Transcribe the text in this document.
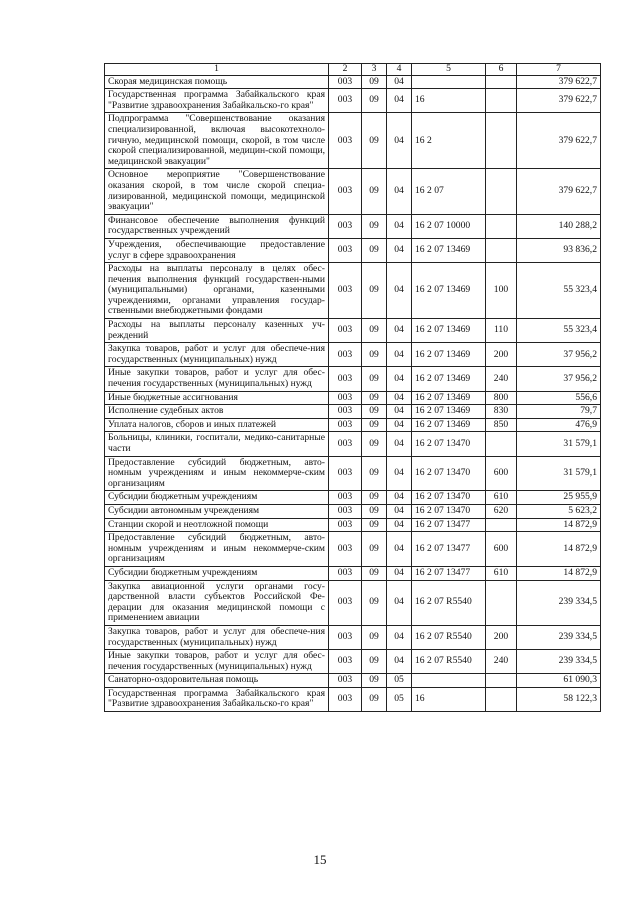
1	2	3	4	5	6	7
Скорая медицинская помощь	003	09	04			379 622,7
Государственная программа Забайкальского края "Развитие здравоохранения Забайкальско-го края"	003	09	04	16		379 622,7
Подпрограмма "Совершенствование оказания специализированной, включая высокотехноло-гичную, медицинской помощи, скорой, в том числе скорой специализированной, медицин-ской помощи, медицинской эвакуации"	003	09	04	16 2		379 622,7
Основное мероприятие "Совершенствование оказания скорой, в том числе скорой специа-лизированной, медицинской помощи, медицинской эвакуации"	003	09	04	16 2 07		379 622,7
Финансовое обеспечение выполнения функций государственных учреждений	003	09	04	16 2 07 10000		140 288,2
Учреждения, обеспечивающие предоставление услуг в сфере здравоохранения	003	09	04	16 2 07 13469		93 836,2
Расходы на выплаты персоналу в целях обес-печения выполнения функций государствен-ными (муниципальными) органами, казенными учреждениями, органами управления государ-ственными внебюджетными фондами	003	09	04	16 2 07 13469	100	55 323,4
Расходы на выплаты персоналу казенных уч-реждений	003	09	04	16 2 07 13469	110	55 323,4
Закупка товаров, работ и услуг для обеспече-ния государственных (муниципальных) нужд	003	09	04	16 2 07 13469	200	37 956,2
Иные закупки товаров, работ и услуг для обес-печения государственных (муниципальных) нужд	003	09	04	16 2 07 13469	240	37 956,2
Иные бюджетные ассигнования	003	09	04	16 2 07 13469	800	556,6
Исполнение судебных актов	003	09	04	16 2 07 13469	830	79,7
Уплата налогов, сборов и иных платежей	003	09	04	16 2 07 13469	850	476,9
Больницы, клиники, госпитали, медико-санитарные части	003	09	04	16 2 07 13470		31 579,1
Предоставление субсидий бюджетным, авто-номным учреждениям и иным некоммерче-ским организациям	003	09	04	16 2 07 13470	600	31 579,1
Субсидии бюджетным учреждениям	003	09	04	16 2 07 13470	610	25 955,9
Субсидии автономным учреждениям	003	09	04	16 2 07 13470	620	5 623,2
Станции скорой и неотложной помощи	003	09	04	16 2 07 13477		14 872,9
Предоставление субсидий бюджетным, авто-номным учреждениям и иным некоммерче-ским организациям	003	09	04	16 2 07 13477	600	14 872,9
Субсидии бюджетным учреждениям	003	09	04	16 2 07 13477	610	14 872,9
Закупка авиационной услуги органами госу-дарственной власти субъектов Российской Фе-дерации для оказания медицинской помощи с применением авиации	003	09	04	16 2 07 R5540		239 334,5
Закупка товаров, работ и услуг для обеспече-ния государственных (муниципальных) нужд	003	09	04	16 2 07 R5540	200	239 334,5
Иные закупки товаров, работ и услуг для обес-печения государственных (муниципальных) нужд	003	09	04	16 2 07 R5540	240	239 334,5
Санаторно-оздоровительная помощь	003	09	05			61 090,3
Государственная программа Забайкальского края "Развитие здравоохранения Забайкальско-го края"	003	09	05	16		58 122,3
15
